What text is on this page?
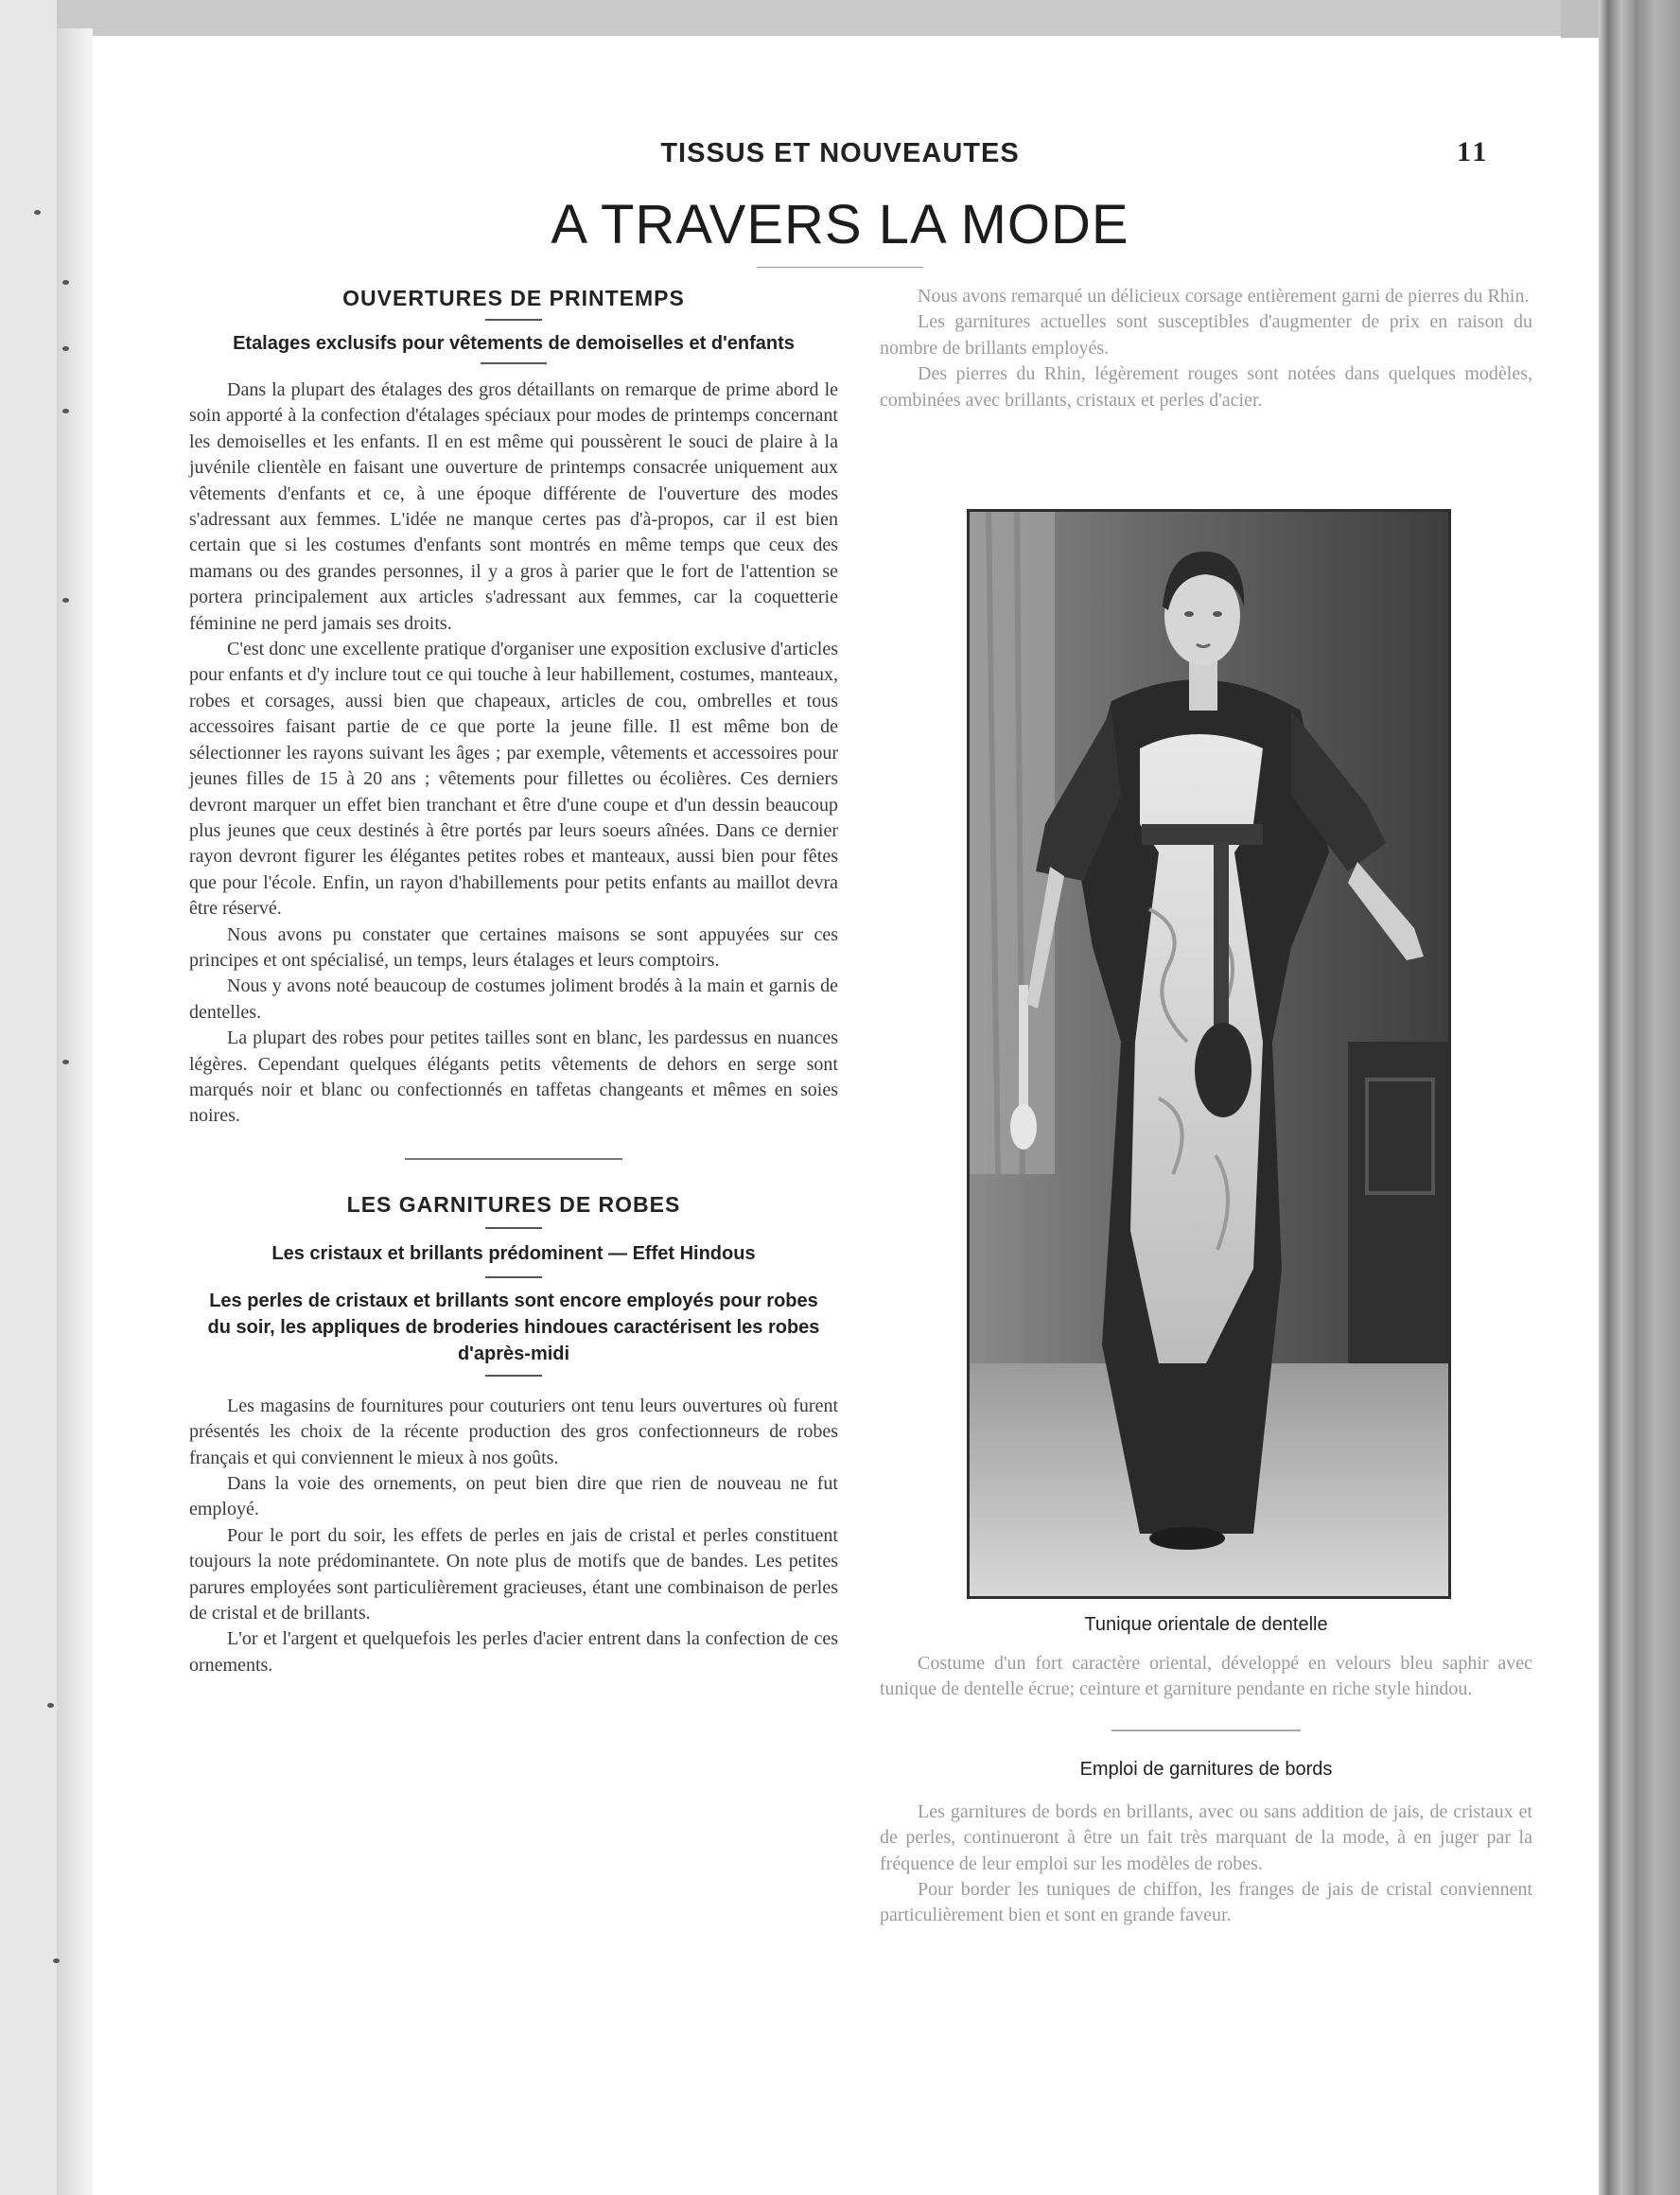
TISSUS ET NOUVEAUTES	11
A TRAVERS LA MODE
OUVERTURES DE PRINTEMPS

Etalages exclusifs pour vêtements de demoiselles et d'enfants

Dans la plupart des étalages des gros détaillants on remarque de prime abord le soin apporté à la confection d'étalages spéciaux pour modes de printemps concernant les demoiselles et les enfants. Il en est même qui poussèrent le souci de plaire à la juvénile clientèle en faisant une ouverture de printemps consacrée uniquement aux vêtements d'enfants et ce, à une époque différente de l'ouverture des modes s'adressant aux femmes. L'idée ne manque certes pas d'à-propos, car il est bien certain que si les costumes d'enfants sont montrés en même temps que ceux des mamans ou des grandes personnes, il y a gros à parier que le fort de l'attention se portera principalement aux articles s'adressant aux femmes, car la coquetterie féminine ne perd jamais ses droits.

C'est donc une excellente pratique d'organiser une exposition exclusive d'articles pour enfants et d'y inclure tout ce qui touche à leur habillement, costumes, manteaux, robes et corsages, aussi bien que chapeaux, articles de cou, ombrelles et tous accessoires faisant partie de ce que porte la jeune fille. Il est même bon de sélectionner les rayons suivant les âges ; par exemple, vêtements et accessoires pour jeunes filles de 15 à 20 ans ; vêtements pour fillettes ou écolières. Ces derniers devront marquer un effet bien tranchant et être d'une coupe et d'un dessin beaucoup plus jeunes que ceux destinés à être portés par leurs soeurs aînées. Dans ce dernier rayon devront figurer les élégantes petites robes et manteaux, aussi bien pour fêtes que pour l'école. Enfin, un rayon d'habillements pour petits enfants au maillot devra être réservé.

Nous avons pu constater que certaines maisons se sont appuyées sur ces principes et ont spécialisé, un temps, leurs étalages et leurs comptoirs.

Nous y avons noté beaucoup de costumes joliment brodés à la main et garnis de dentelles.

La plupart des robes pour petites tailles sont en blanc, les pardessus en nuances légères. Cependant quelques élégants petits vêtements de dehors en serge sont marqués noir et blanc ou confectionnés en taffetas changeants et mêmes en soies noires.

LES GARNITURES DE ROBES

Les cristaux et brillants prédominent — Effet Hindous

Les perles de cristaux et brillants sont encore employés pour robes du soir, les appliques de broderies hindoues caractérisent les robes d'après-midi

Les magasins de fournitures pour couturiers ont tenu leurs ouvertures où furent présentés les choix de la récente production des gros confectionneurs de robes français et qui conviennent le mieux à nos goûts.

Dans la voie des ornements, on peut bien dire que rien de nouveau ne fut employé.

Pour le port du soir, les effets de perles en jais de cristal et perles constituent toujours la note prédominantete. On note plus de motifs que de bandes. Les petites parures employées sont particulièrement gracieuses, étant une combinaison de perles de cristal et de brillants.

L'or et l'argent et quelquefois les perles d'acier entrent dans la confection de ces ornements.

Nous avons remarqué un délicieux corsage entièrement garni de pierres du Rhin.

Les garnitures actuelles sont susceptibles d'augmenter de prix en raison du nombre de brillants employés.

Des pierres du Rhin, légèrement rouges sont notées dans quelques modèles, combinées avec brillants, cristaux et perles d'acier.

Tunique orientale de dentelle

Costume d'un fort caractère oriental, développé en velours bleu saphir avec tunique de dentelle écrue; ceinture et garniture pendante en riche style hindou.

Emploi de garnitures de bords

Les garnitures de bords en brillants, avec ou sans addition de jais, de cristaux et de perles, continueront à être un fait très marquant de la mode, à en juger par la fréquence de leur emploi sur les modèles de robes.

Pour border les tuniques de chiffon, les franges de jais de cristal conviennent particulièrement bien et sont en grande faveur.
